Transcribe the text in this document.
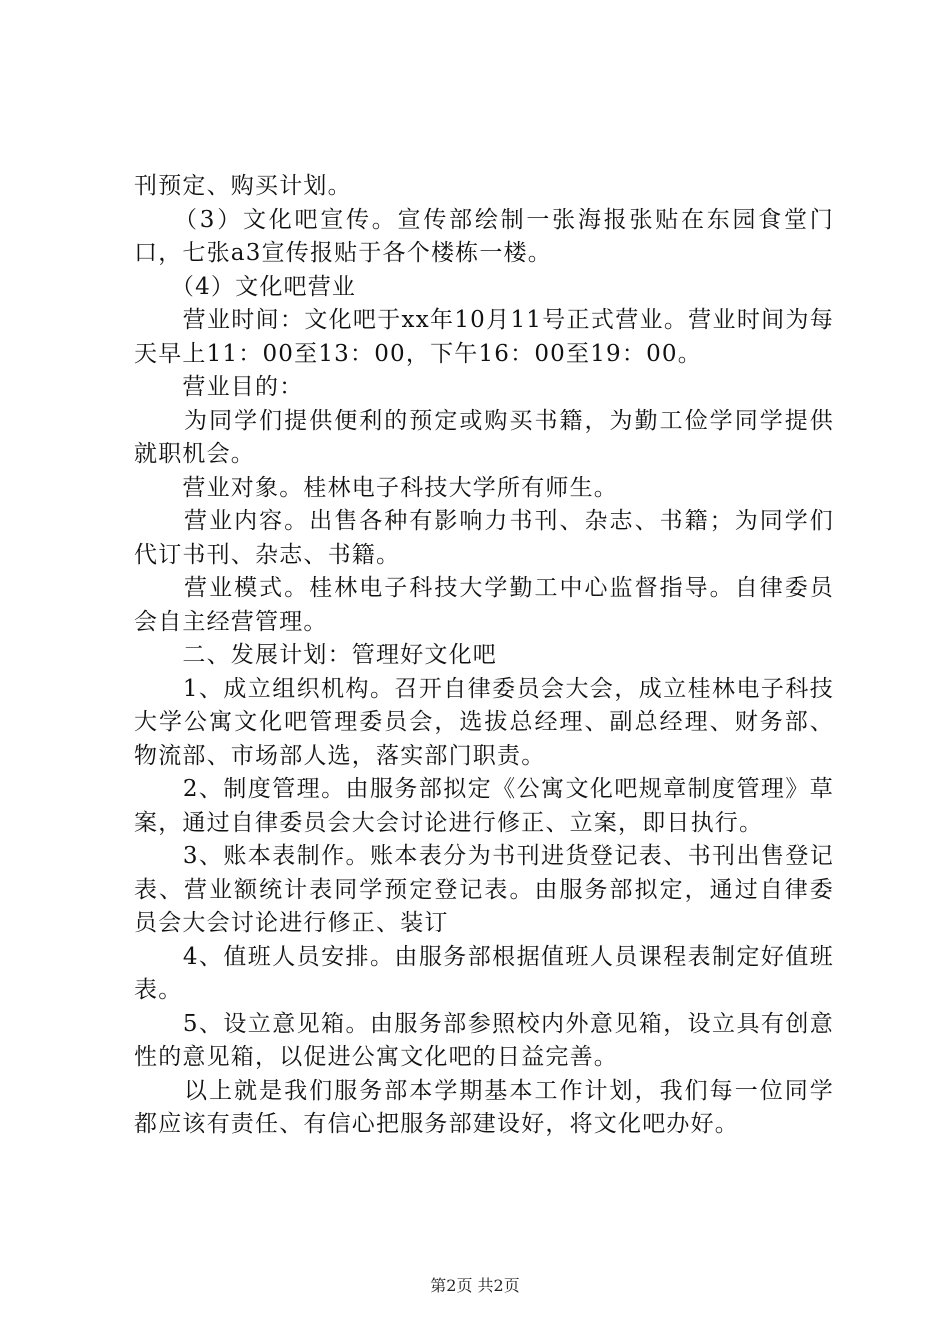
刊预定、购买计划。

　　（3）文化吧宣传。宣传部绘制一张海报张贴在东园食堂门口，七张a3宣传报贴于各个楼栋一楼。

　　（4）文化吧营业

　　营业时间：文化吧于xx年10月11号正式营业。营业时间为每天早上11：00至13：00，下午16：00至19：00。

　　营业目的：

　　为同学们提供便利的预定或购买书籍，为勤工俭学同学提供就职机会。

　　营业对象。桂林电子科技大学所有师生。

　　营业内容。出售各种有影响力书刊、杂志、书籍；为同学们代订书刊、杂志、书籍。

　　营业模式。桂林电子科技大学勤工中心监督指导。自律委员会自主经营管理。

　　二、发展计划：管理好文化吧

　　1、成立组织机构。召开自律委员会大会，成立桂林电子科技大学公寓文化吧管理委员会，选拔总经理、副总经理、财务部、物流部、市场部人选，落实部门职责。

　　2、制度管理。由服务部拟定《公寓文化吧规章制度管理》草案，通过自律委员会大会讨论进行修正、立案，即日执行。

　　3、账本表制作。账本表分为书刊进货登记表、书刊出售登记表、营业额统计表同学预定登记表。由服务部拟定，通过自律委员会大会讨论进行修正、装订

　　4、值班人员安排。由服务部根据值班人员课程表制定好值班表。

　　5、设立意见箱。由服务部参照校内外意见箱，设立具有创意性的意见箱，以促进公寓文化吧的日益完善。

　　以上就是我们服务部本学期基本工作计划，我们每一位同学都应该有责任、有信心把服务部建设好，将文化吧办好。

第2页 共2页
